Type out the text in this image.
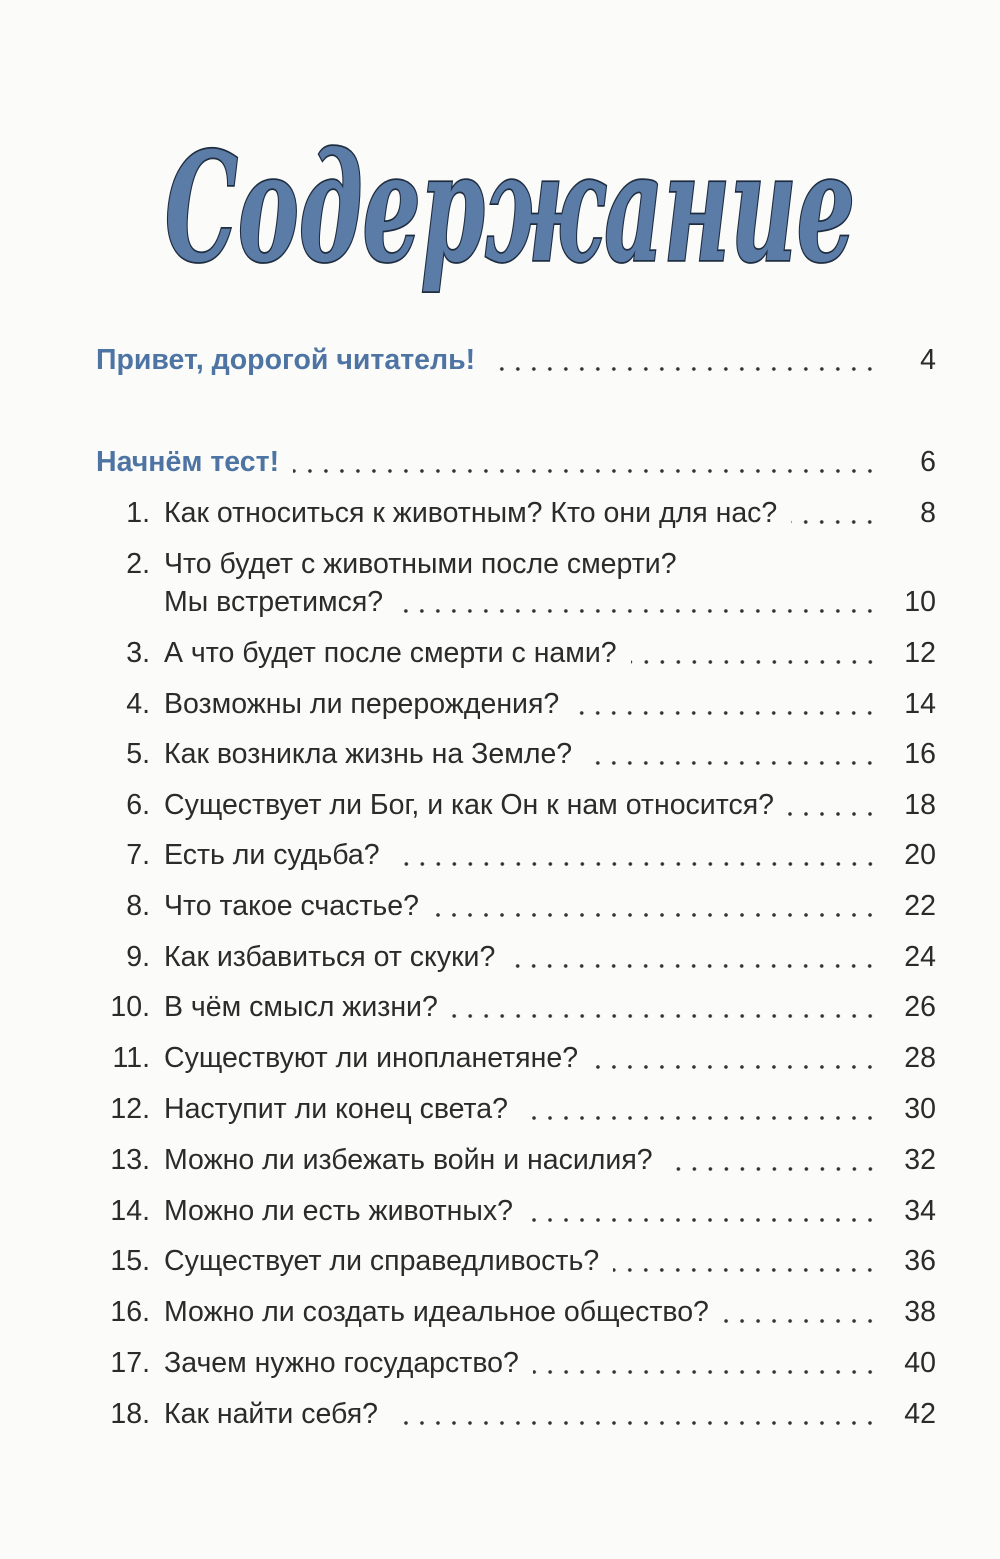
Содержание
Привет, дорогой читатель!	4
Начнём тест!	6
1. Как относиться к животным? Кто они для нас?	8
2. Что будет с животными после смерти?
Мы встретимся?	10
3. А что будет после смерти с нами?	12
4. Возможны ли перерождения?	14
5. Как возникла жизнь на Земле?	16
6. Существует ли Бог, и как Он к нам относится?	18
7. Есть ли судьба?	20
8. Что такое счастье?	22
9. Как избавиться от скуки?	24
10. В чём смысл жизни?	26
11. Существуют ли инопланетяне?	28
12. Наступит ли конец света?	30
13. Можно ли избежать войн и насилия?	32
14. Можно ли есть животных?	34
15. Существует ли справедливость?	36
16. Можно ли создать идеальное общество?	38
17. Зачем нужно государство?	40
18. Как найти себя?	42
